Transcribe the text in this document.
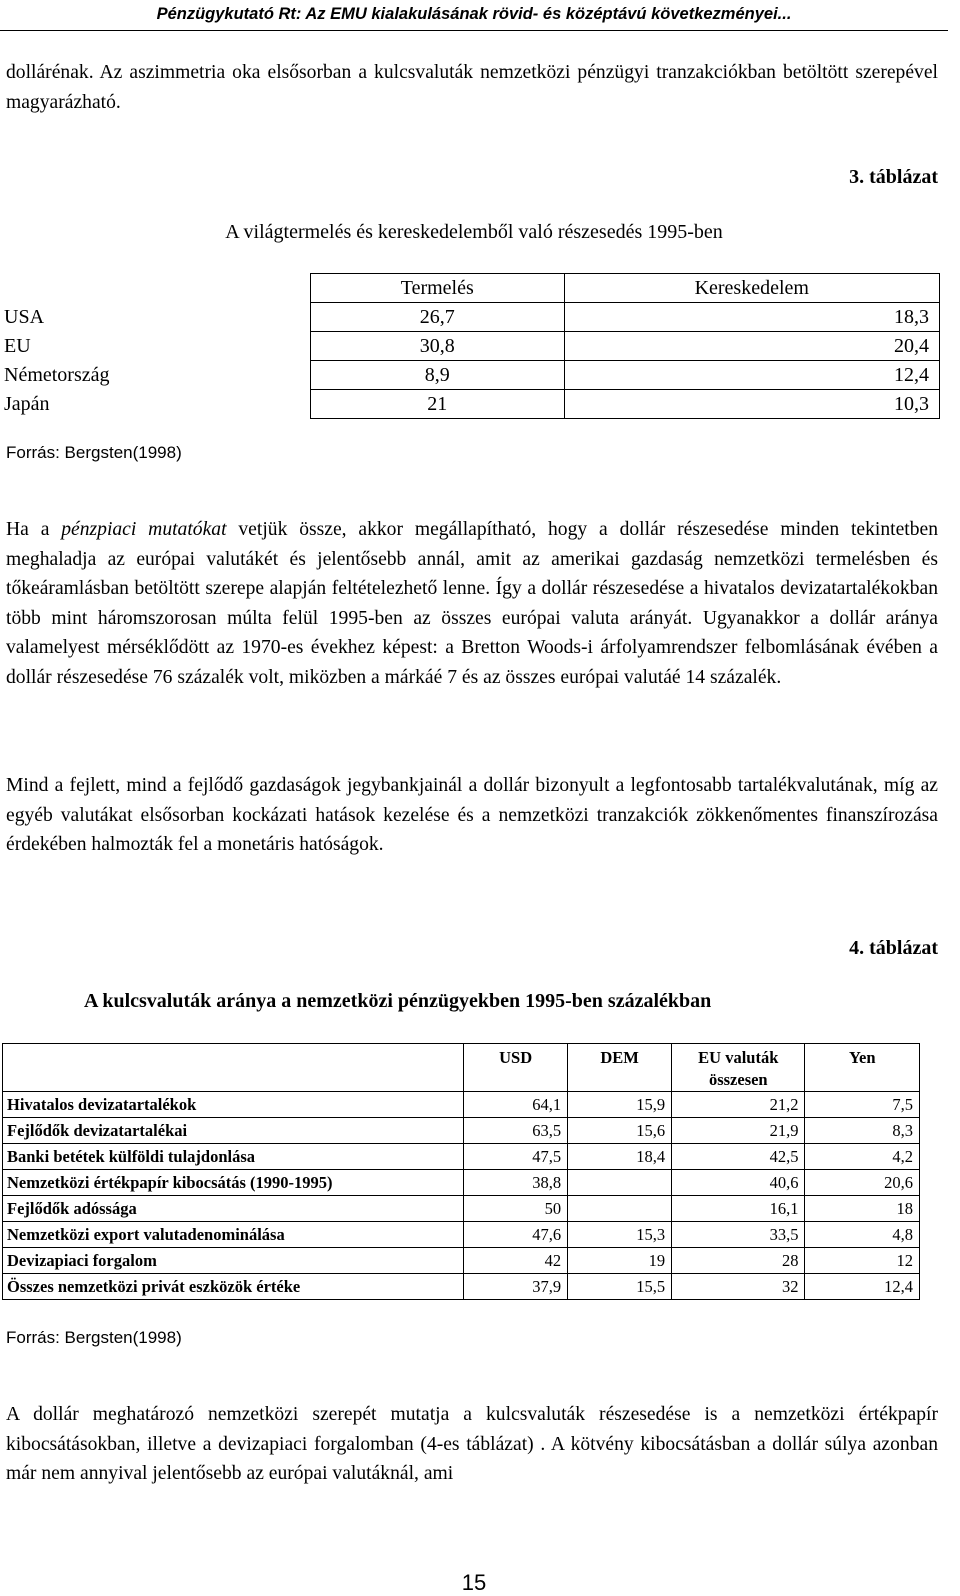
Pénzügykutató Rt: Az EMU kialakulásának rövid- és középtávú következményei...

dollárénak. Az aszimmetria oka elsősorban a kulcsvaluták nemzetközi pénzügyi tranzakciókban betöltött szerepével magyarázható.

3. táblázat
A világtermelés és kereskedelemből való részesedés 1995-ben
	Termelés	Kereskedelem
USA	26,7	18,3
EU	30,8	20,4
Németország	8,9	12,4
Japán	21	10,3
Forrás: Bergsten(1998)

Ha a pénzpiaci mutatókat vetjük össze, akkor megállapítható, hogy a dollár részesedése minden tekintetben meghaladja az európai valutákét és jelentősebb annál, amit az amerikai gazdaság nemzetközi termelésben és tőkeáramlásban betöltött szerepe alapján feltételezhető lenne. Így a dollár részesedése a hivatalos devizatartalékokban több mint háromszorosan múlta felül 1995-ben az összes európai valuta arányát. Ugyanakkor a dollár aránya valamelyest mérséklődött az 1970-es évekhez képest: a Bretton Woods-i árfolyamrendszer felbomlásának évében a dollár részesedése 76 százalék volt, miközben a márkáé 7 és az összes európai valutáé 14 százalék.

Mind a fejlett, mind a fejlődő gazdaságok jegybankjainál a dollár bizonyult a legfontosabb tartalékvalutának, míg az egyéb valutákat elsősorban kockázati hatások kezelése és a nemzetközi tranzakciók zökkenőmentes finanszírozása érdekében halmozták fel a monetáris hatóságok.

4. táblázat
A kulcsvaluták aránya a nemzetközi pénzügyekben 1995-ben százalékban
	USD	DEM	EU valuták összesen	Yen
Hivatalos devizatartalékok	64,1	15,9	21,2	7,5
Fejlődők devizatartalékai	63,5	15,6	21,9	8,3
Banki betétek külföldi tulajdonlása	47,5	18,4	42,5	4,2
Nemzetközi értékpapír kibocsátás (1990-1995)	38,8		40,6	20,6
Fejlődők adóssága	50		16,1	18
Nemzetközi export valutadenominálása	47,6	15,3	33,5	4,8
Devizapiaci forgalom	42	19	28	12
Összes nemzetközi privát eszközök értéke	37,9	15,5	32	12,4
Forrás: Bergsten(1998)

A dollár meghatározó nemzetközi szerepét mutatja a kulcsvaluták részesedése is a nemzetközi értékpapír kibocsátásokban, illetve a devizapiaci forgalomban (4-es táblázat) . A kötvény kibocsátásban a dollár súlya azonban már nem annyival jelentősebb az európai valutáknál, ami

15
